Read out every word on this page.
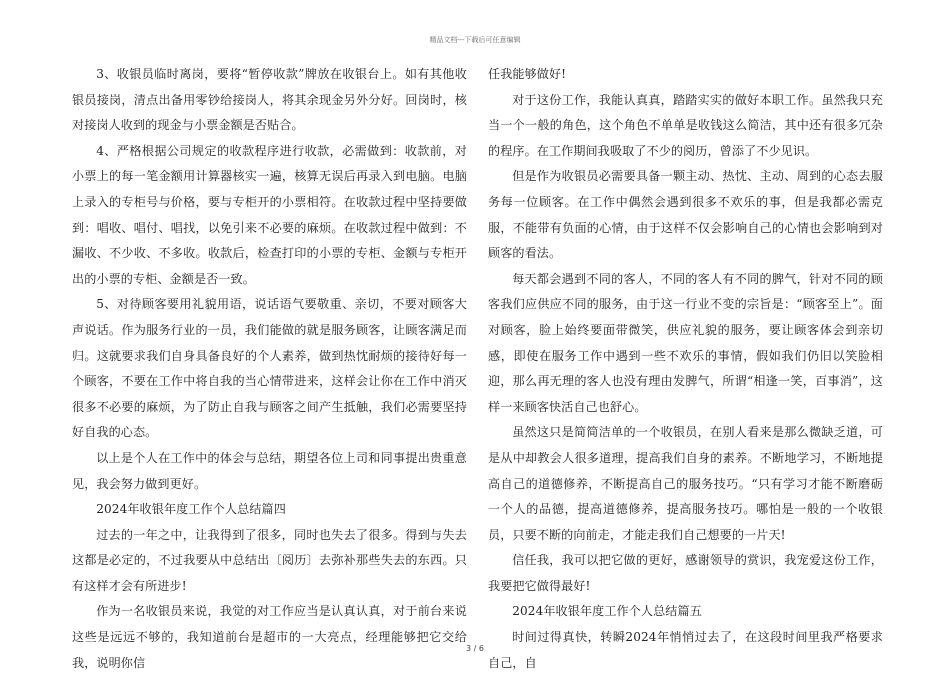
精品文档---下载后可任意编辑

3、收银员临时离岗，要将“暂停收款”牌放在收银台上。如有其他收银员接岗，清点出备用零钞给接岗人，将其余现金另外分好。回岗时，核对接岗人收到的现金与小票金额是否贴合。

4、严格根据公司规定的收款程序进行收款，必需做到：收款前，对小票上的每一笔金额用计算器核实一遍，核算无误后再录入到电脑。电脑上录入的专柜号与价格，要与专柜开的小票相符。在收款过程中坚持要做到：唱收、唱付、唱找，以免引来不必要的麻烦。在收款过程中做到：不漏收、不少收、不多收。收款后，检查打印的小票的专柜、金额与专柜开出的小票的专柜、金额是否一致。

5、对待顾客要用礼貌用语，说话语气要敬重、亲切，不要对顾客大声说话。作为服务行业的一员，我们能做的就是服务顾客，让顾客满足而归。这就要求我们自身具备良好的个人素养，做到热忱耐烦的接待好每一个顾客，不要在工作中将自我的当心情带进来，这样会让你在工作中消灭很多不必要的麻烦，为了防止自我与顾客之间产生抵触，我们必需要坚持好自我的心态。

以上是个人在工作中的体会与总结，期望各位上司和同事提出贵重意见，我会努力做到更好。

2024年收银年度工作个人总结篇四

过去的一年之中，让我得到了很多，同时也失去了很多。得到与失去这都是必定的，不过我要从中总结出〔阅历〕去弥补那些失去的东西。只有这样才会有所进步!

作为一名收银员来说，我觉的对工作应当是认真认真，对于前台来说这些是远远不够的，我知道前台是超市的一大亮点，经理能够把它交给我，说明你信

任我能够做好!

对于这份工作，我能认真真，踏踏实实的做好本职工作。虽然我只充当一个一般的角色，这个角色不单单是收钱这么简洁，其中还有很多冗杂的程序。在工作期间我吸取了不少的阅历，曾添了不少见识。

但是作为收银员必需要具备一颗主动、热忱、主动、周到的心态去服务每一位顾客。在工作中偶然会遇到很多不欢乐的事，但是我都必需克服，不能带有负面的心情，由于这样不仅会影响自己的心情也会影响到对顾客的看法。

每天都会遇到不同的客人，不同的客人有不同的脾气，针对不同的顾客我们应供应不同的服务，由于这一行业不变的宗旨是：“顾客至上”。面对顾客，脸上始终要面带微笑，供应礼貌的服务，要让顾客体会到亲切感，即使在服务工作中遇到一些不欢乐的事情，假如我们仍旧以笑脸相迎，那么再无理的客人也没有理由发脾气，所谓“相逢一笑，百事消”，这样一来顾客快活自己也舒心。

虽然这只是简简洁单的一个收银员，在别人看来是那么微缺乏道，可是从中却教会人很多道理，提高我们自身的素养。不断地学习，不断地提高自己的道德修养，不断提高自己的服务技巧。“只有学习才能不断磨砺一个人的品德，提高道德修养，提高服务技巧。哪怕是一般的一个收银员，只要不断的向前走，才能走我们自己想要的一片天!

信任我，我可以把它做的更好，感谢领导的赏识，我宠爱这份工作，我要把它做得最好!

2024年收银年度工作个人总结篇五

时间过得真快，转瞬2024年悄悄过去了，在这段时间里我严格要求自己，自

3 / 6
